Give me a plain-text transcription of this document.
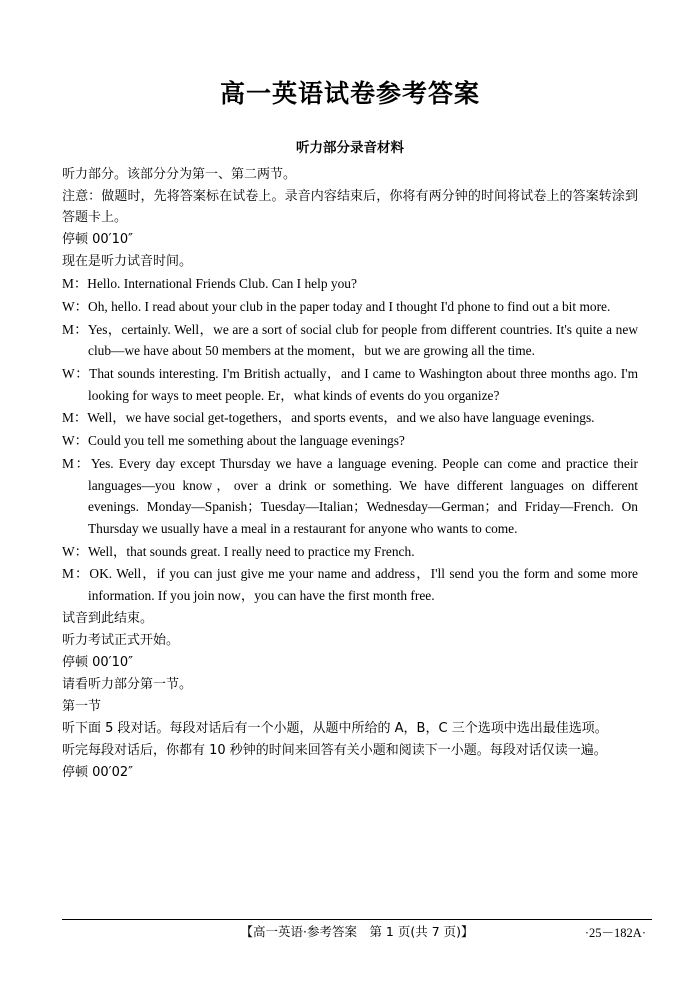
高一英语试卷参考答案
听力部分录音材料
听力部分。该部分分为第一、第二两节。
注意：做题时，先将答案标在试卷上。录音内容结束后，你将有两分钟的时间将试卷上的答案转涂到答题卡上。
停顿 00′10″
现在是听力试音时间。
M：Hello. International Friends Club. Can I help you?
W：Oh, hello. I read about your club in the paper today and I thought I'd phone to find out a bit more.
M：Yes，certainly. Well，we are a sort of social club for people from different countries. It's quite a new club—we have about 50 members at the moment，but we are growing all the time.
W：That sounds interesting. I'm British actually，and I came to Washington about three months ago. I'm looking for ways to meet people. Er，what kinds of events do you organize?
M：Well，we have social get-togethers，and sports events，and we also have language evenings.
W：Could you tell me something about the language evenings?
M：Yes. Every day except Thursday we have a language evening. People can come and practice their languages—you know，over a drink or something. We have different languages on different evenings. Monday—Spanish；Tuesday—Italian；Wednesday—German；and Friday—French. On Thursday we usually have a meal in a restaurant for anyone who wants to come.
W：Well，that sounds great. I really need to practice my French.
M：OK. Well，if you can just give me your name and address，I'll send you the form and some more information. If you join now，you can have the first month free.
试音到此结束。
听力考试正式开始。
停顿 00′10″
请看听力部分第一节。
第一节
听下面 5 段对话。每段对话后有一个小题，从题中所给的 A，B，C 三个选项中选出最佳选项。
听完每段对话后，你都有 10 秒钟的时间来回答有关小题和阅读下一小题。每段对话仅读一遍。
停顿 00′02″
【高一英语·参考答案　第 1 页(共 7 页)】	·25－182A·
